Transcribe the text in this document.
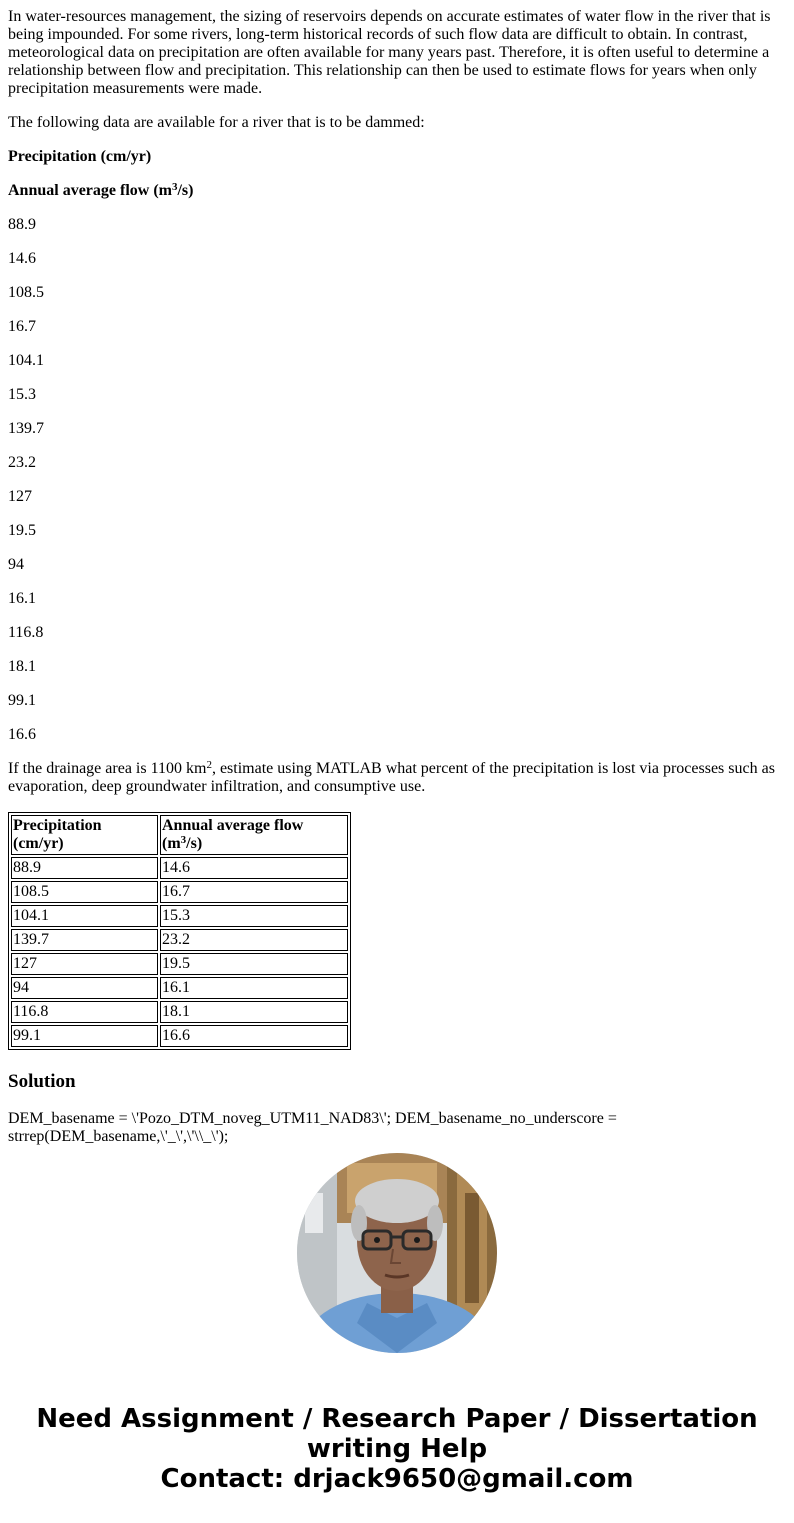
In water-resources management, the sizing of reservoirs depends on accurate estimates of water flow in the river that is being impounded. For some rivers, long-term historical records of such flow data are difficult to obtain. In contrast, meteorological data on precipitation are often available for many years past. Therefore, it is often useful to determine a relationship between flow and precipitation. This relationship can then be used to estimate flows for years when only precipitation measurements were made.

The following data are available for a river that is to be dammed:

Precipitation (cm/yr)

Annual average flow $(m^3/s)$

88.9

14.6

108.5

16.7

104.1

15.3

139.7

23.2

127

19.5

94

16.1

116.8

18.1

99.1

16.6

If the drainage area is 1100 $km^2$, estimate using MATLAB what percent of the precipitation is lost via processes such as evaporation, deep groundwater infiltration, and consumptive use.

Precipitation (cm/yr)	Annual average flow $(m^3/s)$
88.9	14.6
108.5	16.7
104.1	15.3
139.7	23.2
127	19.5
94	16.1
116.8	18.1
99.1	16.6
Solution

DEM_basename = \'Pozo_DTM_noveg_UTM11_NAD83\'; DEM_basename_no_underscore = strrep(DEM_basename,\'_\',\'\\_\');

Need Assignment / Research Paper / Dissertation
writing Help
Contact: drjack9650@gmail.com
